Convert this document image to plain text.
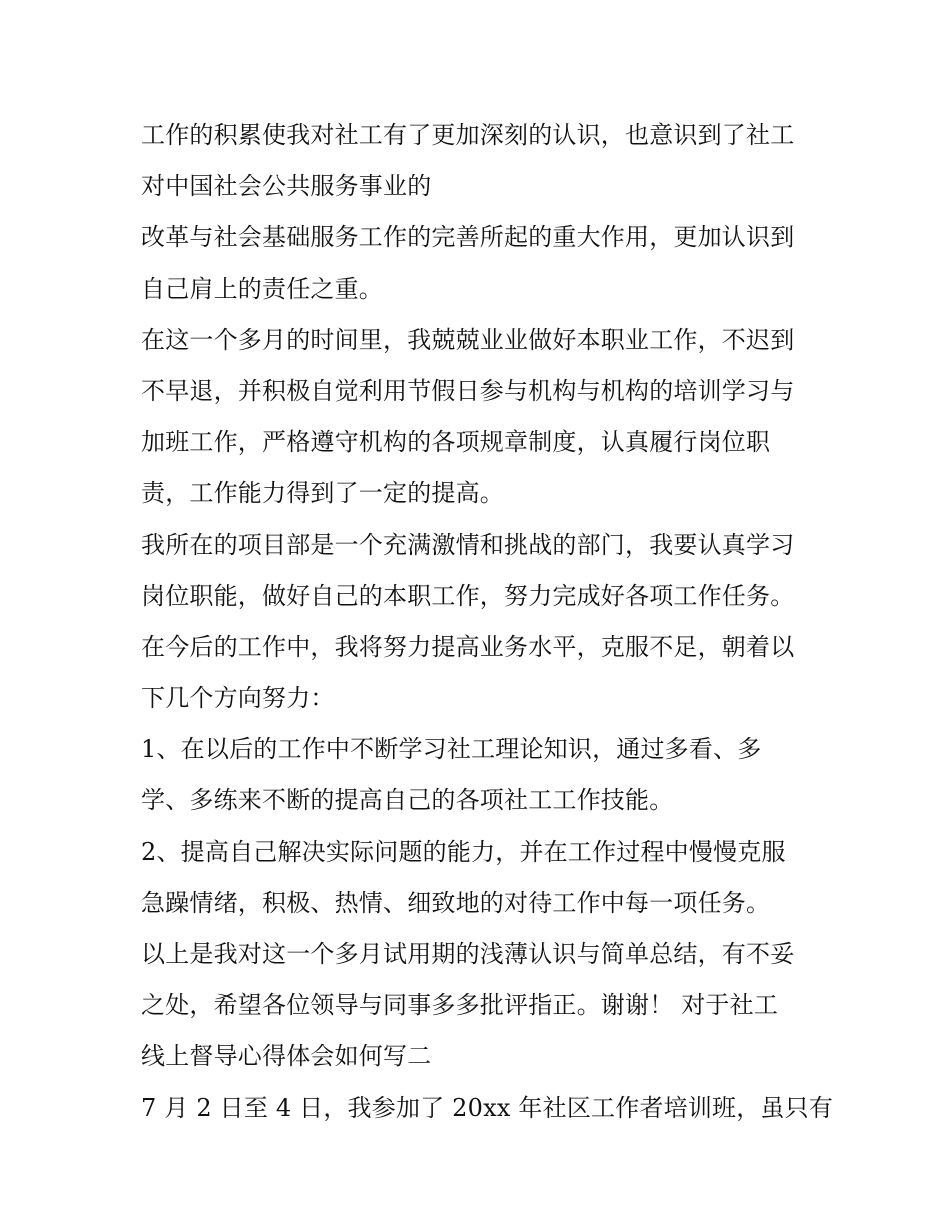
工作的积累使我对社工有了更加深刻的认识，也意识到了社工
对中国社会公共服务事业的
改革与社会基础服务工作的完善所起的重大作用，更加认识到
自己肩上的责任之重。
在这一个多月的时间里，我兢兢业业做好本职业工作，不迟到
不早退，并积极自觉利用节假日参与机构与机构的培训学习与
加班工作，严格遵守机构的各项规章制度，认真履行岗位职
责，工作能力得到了一定的提高。
我所在的项目部是一个充满激情和挑战的部门，我要认真学习
岗位职能，做好自己的本职工作，努力完成好各项工作任务。
在今后的工作中，我将努力提高业务水平，克服不足，朝着以
下几个方向努力：
1、在以后的工作中不断学习社工理论知识，通过多看、多
学、多练来不断的提高自己的各项社工工作技能。
2、提高自己解决实际问题的能力，并在工作过程中慢慢克服
急躁情绪，积极、热情、细致地的对待工作中每一项任务。
以上是我对这一个多月试用期的浅薄认识与简单总结，有不妥
之处，希望各位领导与同事多多批评指正。谢谢！ 对于社工
线上督导心得体会如何写二
7 月 2 日至 4 日，我参加了 20xx 年社区工作者培训班，虽只有
